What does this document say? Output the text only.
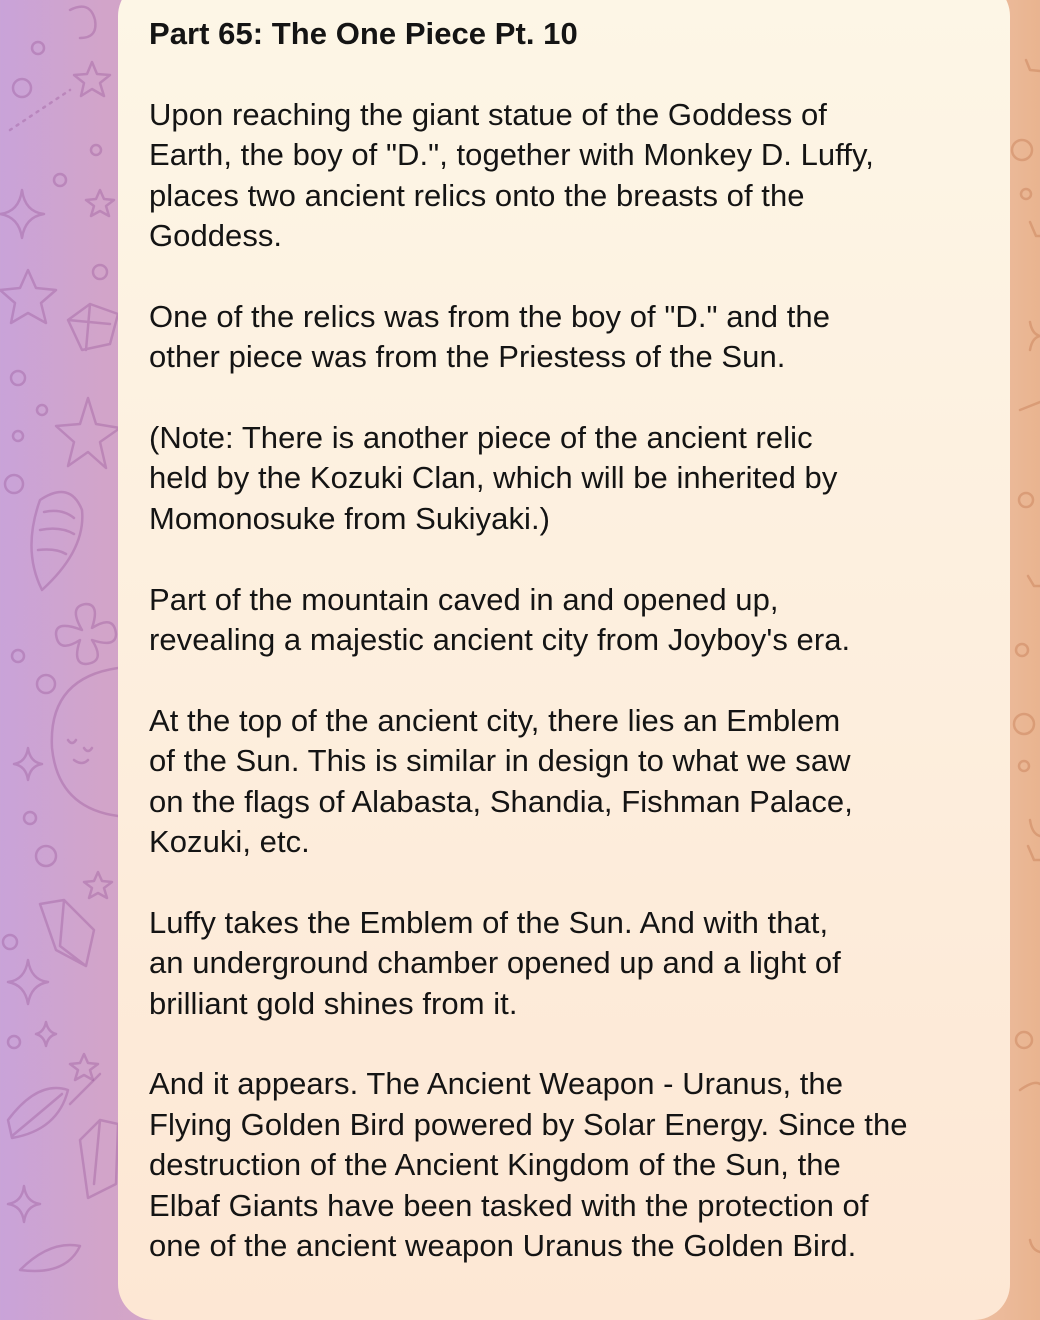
Part 65: The One Piece Pt. 10

Upon reaching the giant statue of the Goddess of
Earth, the boy of "D.", together with Monkey D. Luffy,
places two ancient relics onto the breasts of the
Goddess.

One of the relics was from the boy of "D." and the
other piece was from the Priestess of the Sun.

(Note: There is another piece of the ancient relic
held by the Kozuki Clan, which will be inherited by
Momonosuke from Sukiyaki.)

Part of the mountain caved in and opened up,
revealing a majestic ancient city from Joyboy's era.

At the top of the ancient city, there lies an Emblem
of the Sun. This is similar in design to what we saw
on the flags of Alabasta, Shandia, Fishman Palace,
Kozuki, etc.

Luffy takes the Emblem of the Sun. And with that,
an underground chamber opened up and a light of
brilliant gold shines from it.

And it appears. The Ancient Weapon - Uranus, the
Flying Golden Bird powered by Solar Energy. Since the
destruction of the Ancient Kingdom of the Sun, the
Elbaf Giants have been tasked with the protection of
one of the ancient weapon Uranus the Golden Bird.
